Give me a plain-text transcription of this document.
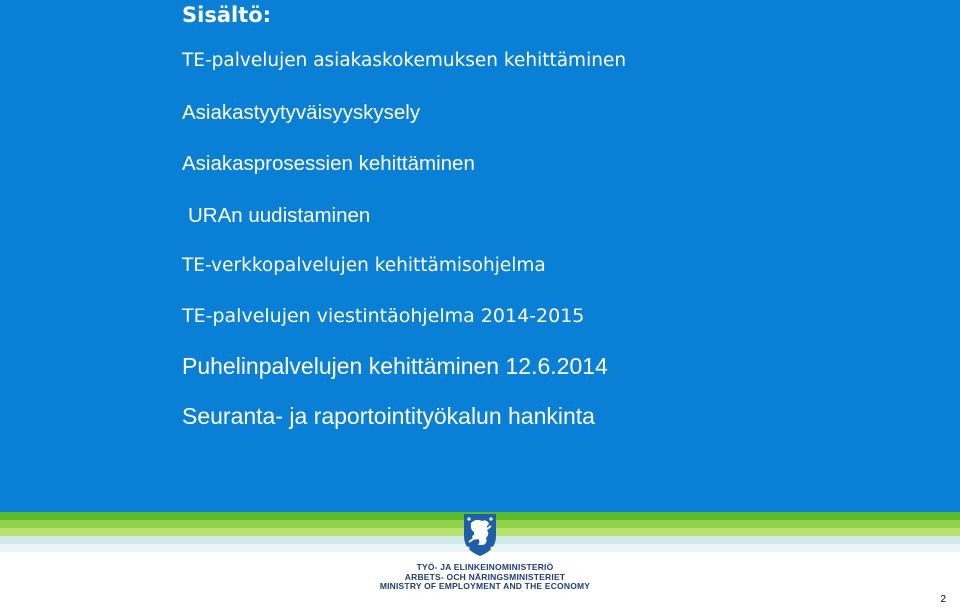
Sisältö:
TE-palvelujen asiakaskokemuksen kehittäminen
Asiakastyytyväisyyskysely
Asiakasprosessien kehittäminen
URAn uudistaminen
TE-verkkopalvelujen kehittämisohjelma
TE-palvelujen viestintäohjelma 2014-2015
Puhelinpalvelujen kehittäminen 12.6.2014
Seuranta- ja raportointityökalun hankinta
TYÖ- JA ELINKEINOMINISTERIÖ
ARBETS- OCH NÄRINGSMINISTERIET
MINISTRY OF EMPLOYMENT AND THE ECONOMY
2
